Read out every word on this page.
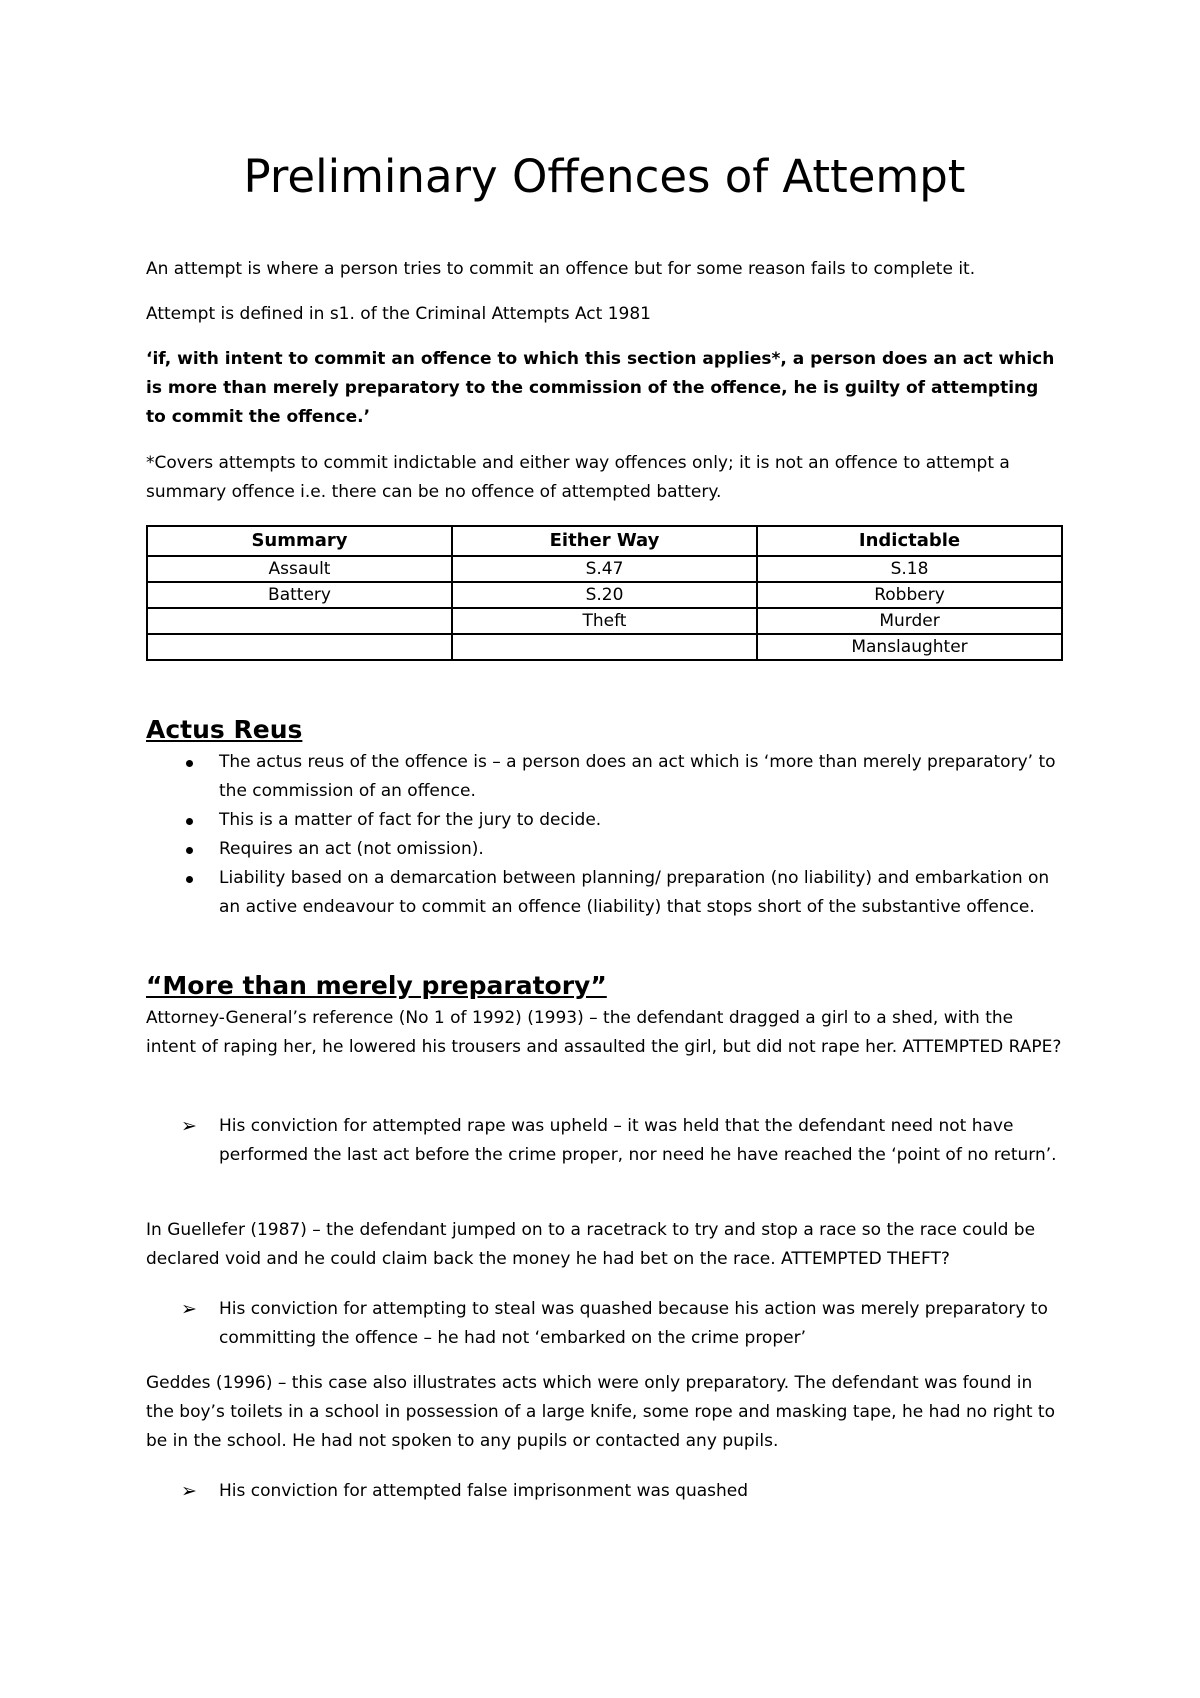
Preliminary Offences of Attempt

An attempt is where a person tries to commit an offence but for some reason fails to complete it.

Attempt is defined in s1. of the Criminal Attempts Act 1981

‘if, with intent to commit an offence to which this section applies*, a person does an act which is more than merely preparatory to the commission of the offence, he is guilty of attempting to commit the offence.’

*Covers attempts to commit indictable and either way offences only; it is not an offence to attempt a summary offence i.e. there can be no offence of attempted battery.

Summary	Either Way	Indictable
Assault	S.47	S.18
Battery	S.20	Robbery
	Theft	Murder
		Manslaughter
Actus Reus
The actus reus of the offence is – a person does an act which is ‘more than merely preparatory’ to the commission of an offence.
This is a matter of fact for the jury to decide.
Requires an act (not omission).
Liability based on a demarcation between planning/ preparation (no liability) and embarkation on an active endeavour to commit an offence (liability) that stops short of the substantive offence.
“More than merely preparatory”

Attorney-General’s reference (No 1 of 1992) (1993) – the defendant dragged a girl to a shed, with the intent of raping her, he lowered his trousers and assaulted the girl, but did not rape her. ATTEMPTED RAPE?

➢ His conviction for attempted rape was upheld – it was held that the defendant need not have performed the last act before the crime proper, nor need he have reached the ‘point of no return’.

In Guellefer (1987) – the defendant jumped on to a racetrack to try and stop a race so the race could be declared void and he could claim back the money he had bet on the race. ATTEMPTED THEFT?

➢ His conviction for attempting to steal was quashed because his action was merely preparatory to committing the offence – he had not ‘embarked on the crime proper’

Geddes (1996) – this case also illustrates acts which were only preparatory. The defendant was found in the boy’s toilets in a school in possession of a large knife, some rope and masking tape, he had no right to be in the school. He had not spoken to any pupils or contacted any pupils.

➢ His conviction for attempted false imprisonment was quashed
